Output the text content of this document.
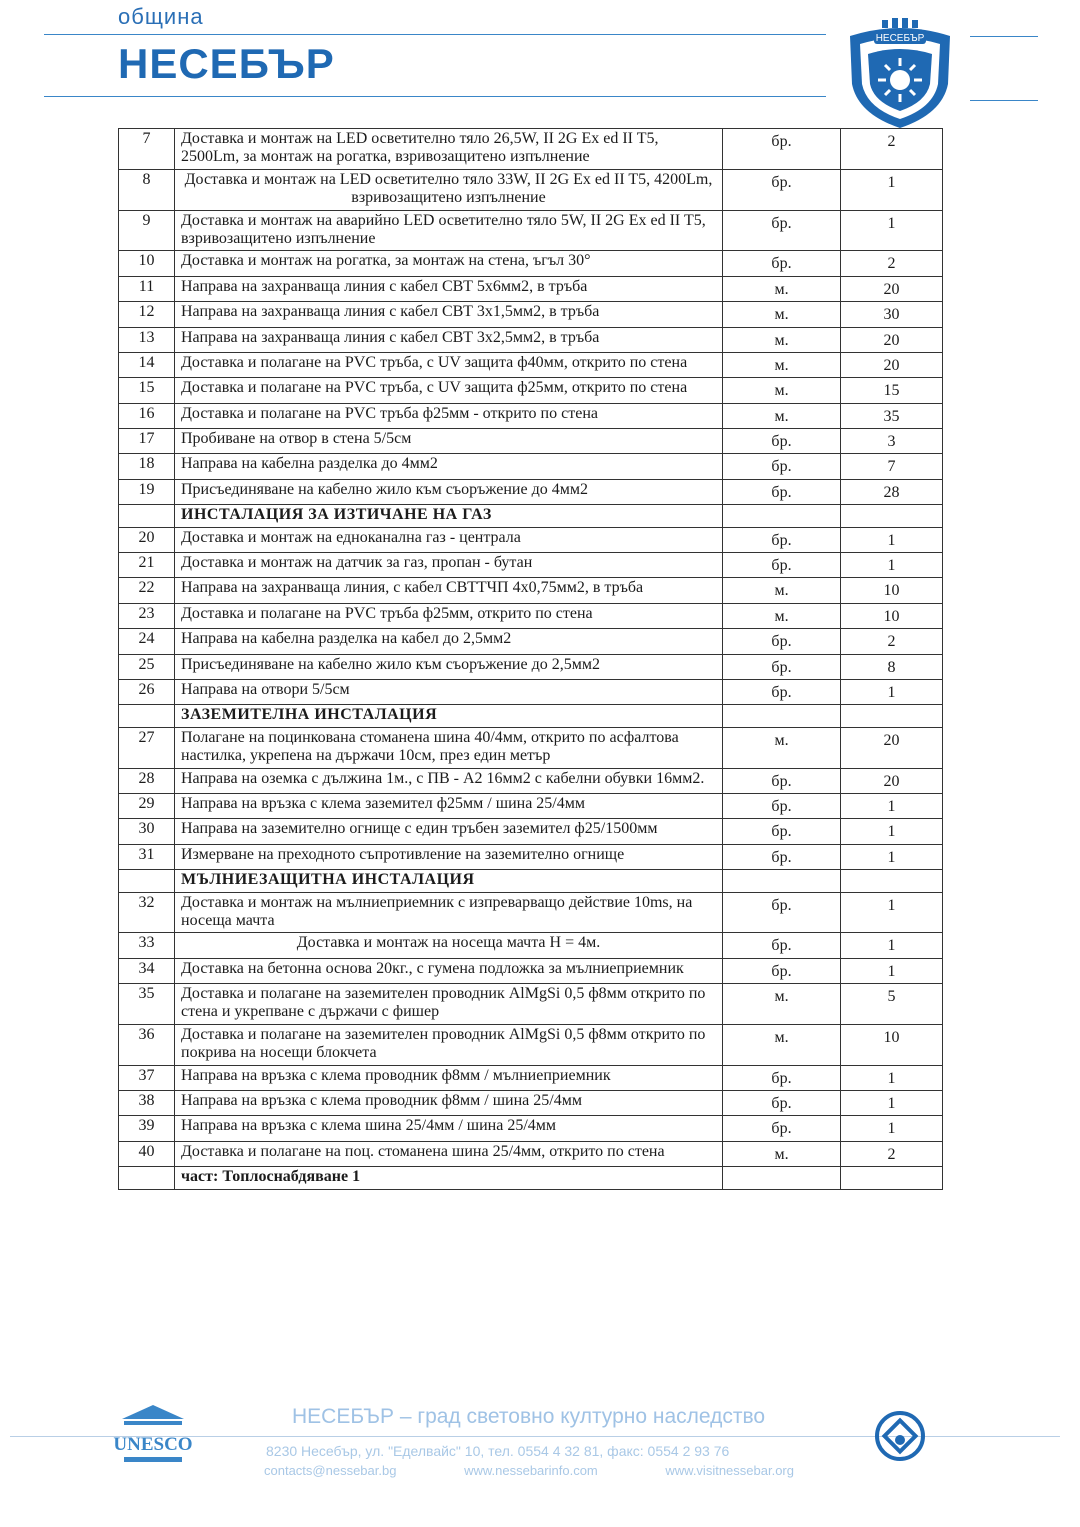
община
НЕСЕБЪР
НЕСЕБЪР
7	Доставка и монтаж на LED осветително тяло 26,5W, II 2G Ex ed II T5, 2500Lm, за монтаж на рогатка, взривозащитено изпълнение	бр.	2
8	Доставка и монтаж на LED осветително тяло 33W, II 2G Ex ed II T5, 4200Lm, взривозащитено изпълнение	бр.	1
9	Доставка и монтаж на аварийно LED осветително тяло 5W, II 2G Ex ed II T5, взривозащитено изпълнение	бр.	1
10	Доставка и монтаж на рогатка, за монтаж на стена, ъгъл 30°	бр.	2
11	Направа на захранваща линия с кабел СВТ 5х6мм2, в тръба	м.	20
12	Направа на захранваща линия с кабел СВТ 3х1,5мм2, в тръба	м.	30
13	Направа на захранваща линия с кабел СВТ 3х2,5мм2, в тръба	м.	20
14	Доставка и полагане на PVC тръба, с UV защита ф40мм, открито по стена	м.	20
15	Доставка и полагане на PVC тръба, с UV защита ф25мм, открито по стена	м.	15
16	Доставка и полагане на PVC тръба ф25мм - открито по стена	м.	35
17	Пробиване на отвор в стена 5/5см	бр.	3
18	Направа на кабелна разделка до 4мм2	бр.	7
19	Присъединяване на кабелно жило към съоръжение до 4мм2	бр.	28
	ИНСТАЛАЦИЯ ЗА ИЗТИЧАНЕ НА ГАЗ		
20	Доставка и монтаж на едноканална газ - централа	бр.	1
21	Доставка и монтаж на датчик за газ, пропан - бутан	бр.	1
22	Направа на захранваща линия, с кабел СВТТЧП 4х0,75мм2, в тръба	м.	10
23	Доставка и полагане на PVC тръба ф25мм, открито по стена	м.	10
24	Направа на кабелна разделка на кабел до 2,5мм2	бр.	2
25	Присъединяване на кабелно жило към съоръжение до 2,5мм2	бр.	8
26	Направа на отвори 5/5см	бр.	1
	ЗАЗЕМИТЕЛНА ИНСТАЛАЦИЯ		
27	Полагане на поцинкована стоманена шина 40/4мм, открито по асфалтова настилка, укрепена на държачи 10см, през един метър	м.	20
28	Направа на оземка с дължина 1м., с ПВ - А2 16мм2 с кабелни обувки 16мм2.	бр.	20
29	Направа на връзка с клема заземител ф25мм / шина 25/4мм	бр.	1
30	Направа на заземително огнище с един тръбен заземител ф25/1500мм	бр.	1
31	Измерване на преходното съпротивление на заземително огнище	бр.	1
	МЪЛНИЕЗАЩИТНА ИНСТАЛАЦИЯ		
32	Доставка и монтаж на мълниеприемник с изпреварващо действие 10ms, на носеща мачта	бр.	1
33	Доставка и монтаж на носеща мачта H = 4м.	бр.	1
34	Доставка на бетонна основа 20кг., с гумена подложка за мълниеприемник	бр.	1
35	Доставка и полагане на заземителен проводник AlMgSi 0,5 ф8мм открито по стена и укрепване с държачи с фишер	м.	5
36	Доставка и полагане на заземителен проводник AlMgSi 0,5 ф8мм открито по покрива на носещи блокчета	м.	10
37	Направа на връзка с клема проводник ф8мм / мълниеприемник	бр.	1
38	Направа на връзка с клема проводник ф8мм / шина 25/4мм	бр.	1
39	Направа на връзка с клема шина 25/4мм / шина 25/4мм	бр.	1
40	Доставка и полагане на поц. стоманена шина 25/4мм, открито по стена	м.	2
	част: Топлоснабдяване 1		
UNESCO
НЕСЕБЪР – град световно културно наследство
8230 Несебър, ул. "Еделвайс" 10, тел. 0554 4 32 81, факс: 0554 2 93 76
contacts@nessebar.bg	www.nessebarinfo.com	www.visitnessebar.org
